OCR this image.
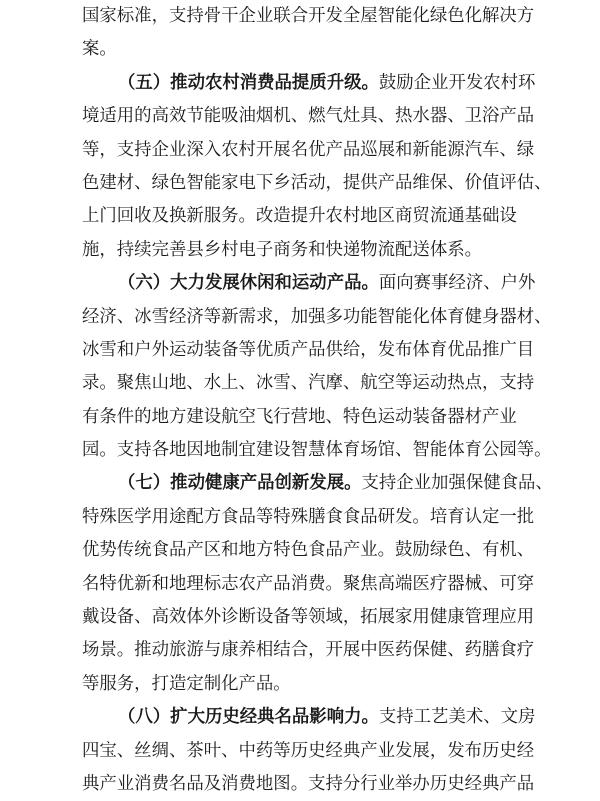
国家标准，支持骨干企业联合开发全屋智能化绿色化解决方
案。
（五）推动农村消费品提质升级。鼓励企业开发农村环
境适用的高效节能吸油烟机、燃气灶具、热水器、卫浴产品
等，支持企业深入农村开展名优产品巡展和新能源汽车、绿
色建材、绿色智能家电下乡活动，提供产品维保、价值评估、
上门回收及换新服务。改造提升农村地区商贸流通基础设
施，持续完善县乡村电子商务和快递物流配送体系。
（六）大力发展休闲和运动产品。面向赛事经济、户外
经济、冰雪经济等新需求，加强多功能智能化体育健身器材、
冰雪和户外运动装备等优质产品供给，发布体育优品推广目
录。聚焦山地、水上、冰雪、汽摩、航空等运动热点，支持
有条件的地方建设航空飞行营地、特色运动装备器材产业
园。支持各地因地制宜建设智慧体育场馆、智能体育公园等。
（七）推动健康产品创新发展。支持企业加强保健食品、
特殊医学用途配方食品等特殊膳食食品研发。培育认定一批
优势传统食品产区和地方特色食品产业。鼓励绿色、有机、
名特优新和地理标志农产品消费。聚焦高端医疗器械、可穿
戴设备、高效体外诊断设备等领域，拓展家用健康管理应用
场景。推动旅游与康养相结合，开展中医药保健、药膳食疗
等服务，打造定制化产品。
（八）扩大历史经典名品影响力。支持工艺美术、文房
四宝、丝绸、茶叶、中药等历史经典产业发展，发布历史经
典产业消费名品及消费地图。支持分行业举办历史经典产品
